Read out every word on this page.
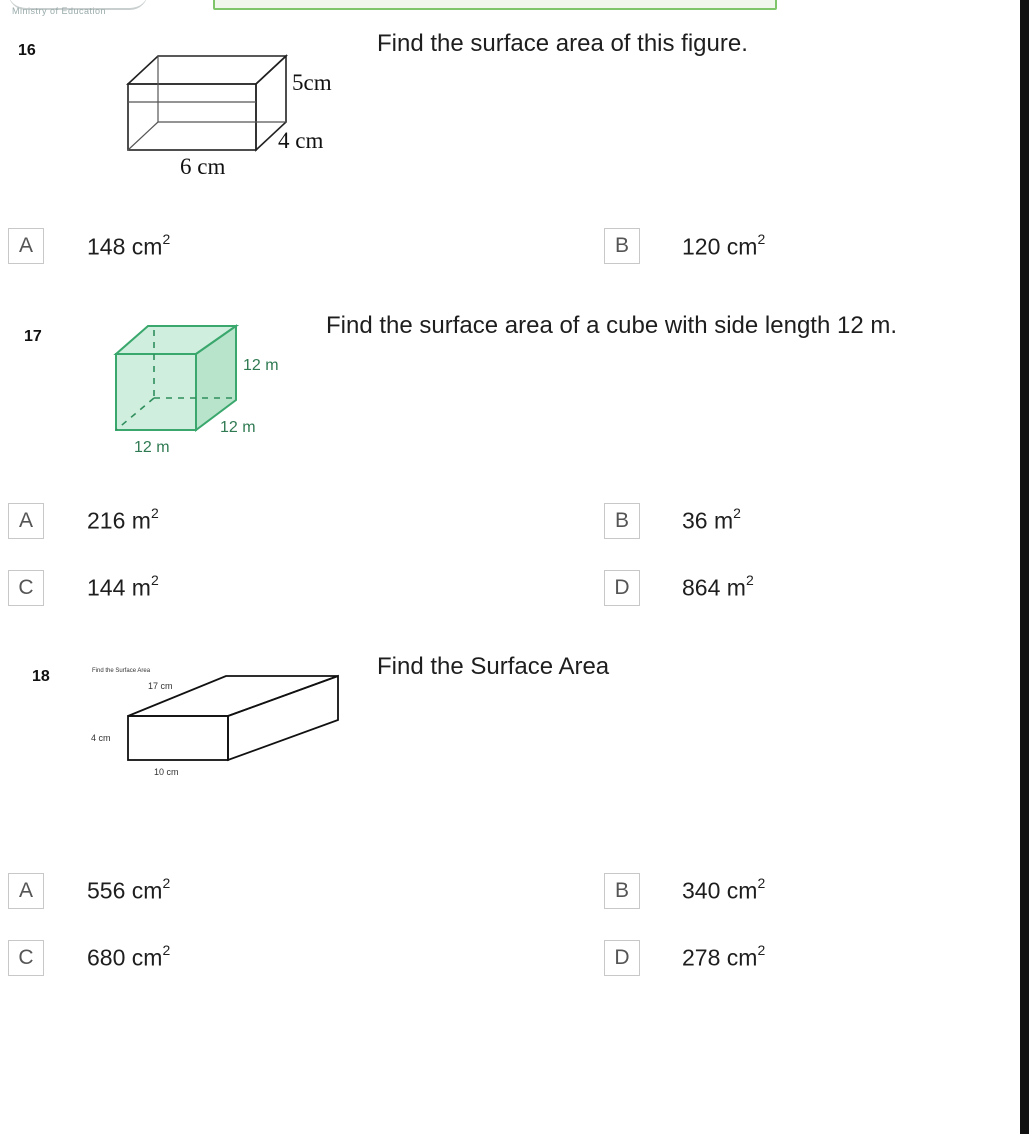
Ministry of Education
16	Find the surface area of this figure.
5cm
4 cm
6 cm
A	148 $cm^2$	B	120 $cm^2$
17	Find the surface area of a cube with side length 12 m.
12 m
12 m
12 m
A	216 $m^2$	B	36 $m^2$
C	144 $m^2$	D	864 $m^2$
18	Find the Surface Area
Find the Surface Area
17 cm
4 cm
10 cm
A	556 $cm^2$	B	340 $cm^2$
C	680 $cm^2$	D	278 $cm^2$
